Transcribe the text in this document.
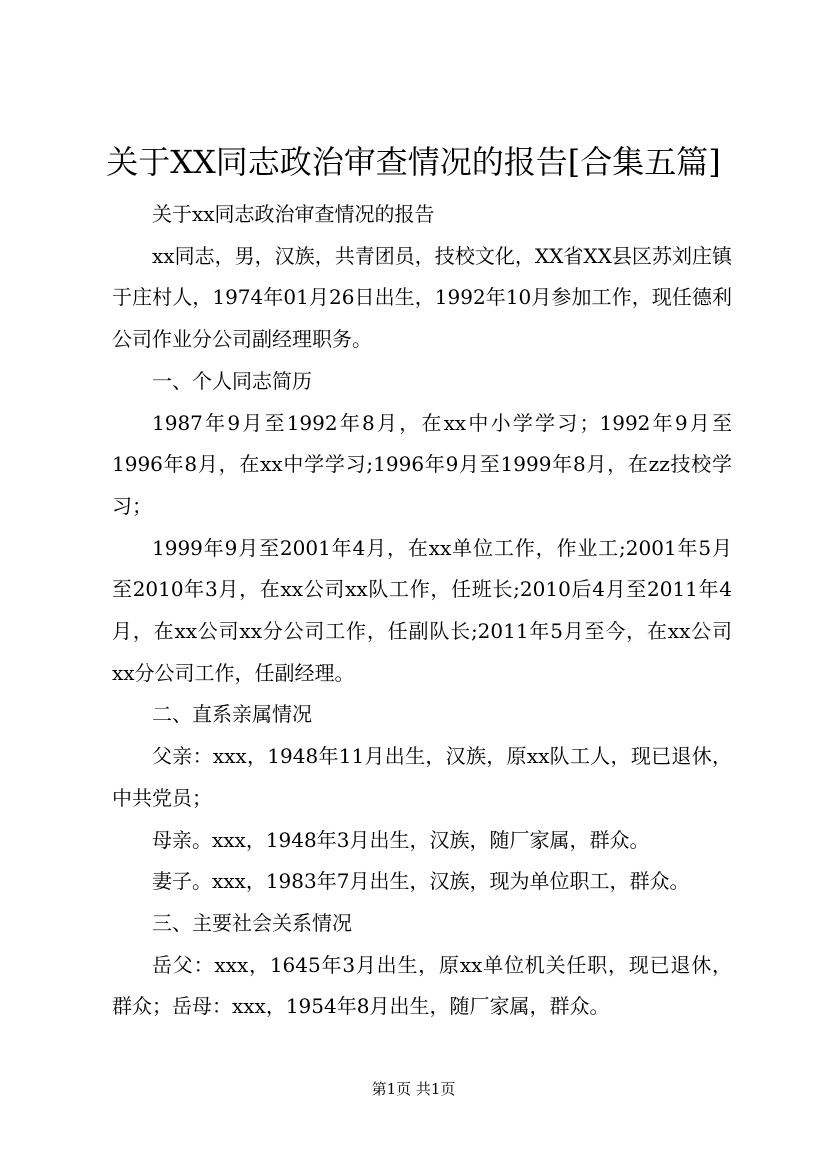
关于XX同志政治审查情况的报告[合集五篇]

关于xx同志政治审查情况的报告

xx同志，男，汉族，共青团员，技校文化，XX省XX县区苏刘庄镇于庄村人，1974年01月26日出生，1992年10月参加工作，现任德利公司作业分公司副经理职务。

一、个人同志简历

1987年9月至1992年8月，在xx中小学学习；1992年9月至1996年8月，在xx中学学习;1996年9月至1999年8月，在zz技校学习；

1999年9月至2001年4月，在xx单位工作，作业工;2001年5月至2010年3月，在xx公司xx队工作，任班长;2010后4月至2011年4月，在xx公司xx分公司工作，任副队长;2011年5月至今，在xx公司xx分公司工作，任副经理。

二、直系亲属情况

父亲：xxx，1948年11月出生，汉族，原xx队工人，现已退休，中共党员；

母亲。xxx，1948年3月出生，汉族，随厂家属，群众。

妻子。xxx，1983年7月出生，汉族，现为单位职工，群众。

三、主要社会关系情况

岳父：xxx，1645年3月出生，原xx单位机关任职，现已退休，群众；岳母：xxx，1954年8月出生，随厂家属，群众。

第1页 共1页
